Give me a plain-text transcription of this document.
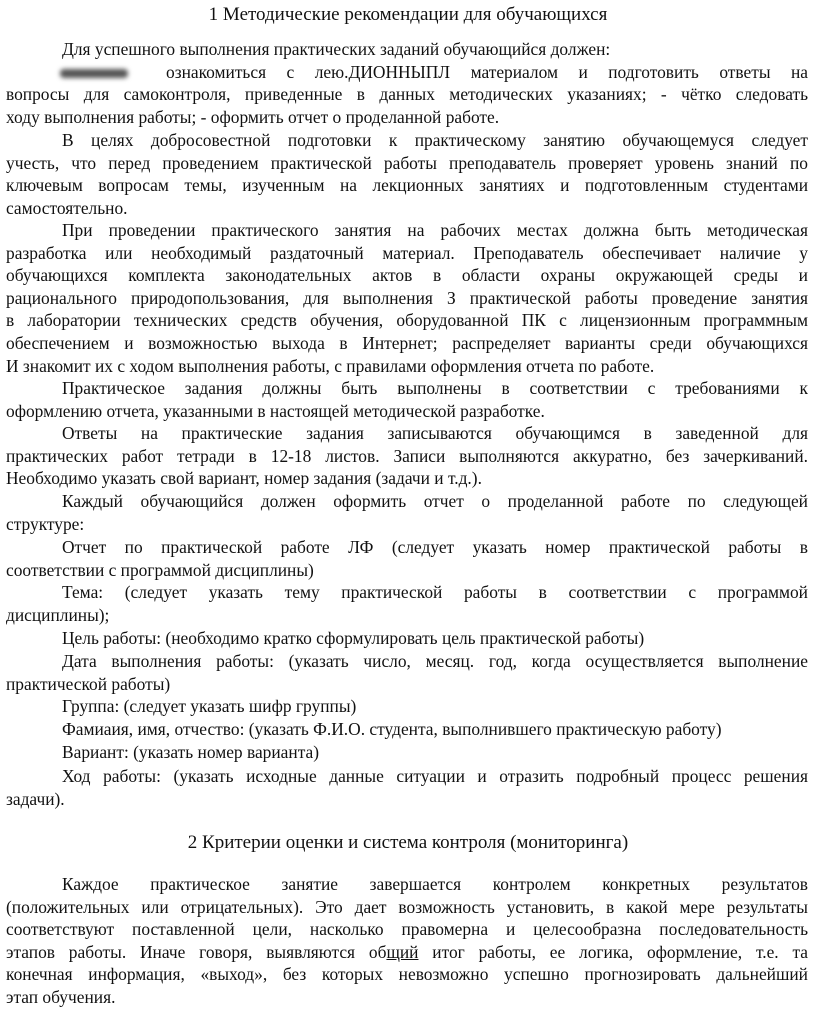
1 Методические рекомендации для обучающихся
Для успешного выполнения практических заданий обучающийся должен:
ознакомиться с лею.ДИОННЫПЛ материалом и подготовить ответы на
вопросы для самоконтроля, приведенные в данных методических указаниях; - чётко следовать
ходу выполнения работы; - оформить отчет о проделанной работе.
В целях добросовестной подготовки к практическому занятию обучающемуся следует
учесть, что перед проведением практической работы преподаватель проверяет уровень знаний по
ключевым вопросам темы, изученным на лекционных занятиях и подготовленным студентами
самостоятельно.
При проведении практического занятия на рабочих местах должна быть методическая
разработка или необходимый раздаточный материал. Преподаватель обеспечивает наличие у
обучающихся комплекта законодательных актов в области охраны окружающей среды и
рационального природопользования, для выполнения З практической работы проведение занятия
в лаборатории технических средств обучения, оборудованной ПК с лицензионным программным
обеспечением и возможностью выхода в Интернет; распределяет варианты среди обучающихся
И знакомит их с ходом выполнения работы, с правилами оформления отчета по работе.
Практическое задания должны быть выполнены в соответствии с требованиями к
оформлению отчета, указанными в настоящей методической разработке.
Ответы на практические задания записываются обучающимся в заведенной для
практических работ тетради в 12-18 листов. Записи выполняются аккуратно, без зачеркиваний.
Необходимо указать свой вариант, номер задания (задачи и т.д.).
Каждый обучающийся должен оформить отчет о проделанной работе по следующей
структуре:
Отчет по практической работе ЛФ (следует указать номер практической работы в
соответствии с программой дисциплины)
Тема: (следует указать тему практической работы в соответствии с программой
дисциплины);
Цель работы: (необходимо кратко сформулировать цель практической работы)
Дата выполнения работы: (указать число, месяц. год, когда осуществляется выполнение
практической работы)
Группа: (следует указать шифр группы)
Фамиаия, имя, отчество: (указать Ф.И.О. студента, выполнившего практическую работу)
Вариант: (указать номер варианта)
Ход работы: (указать исходные данные ситуации и отразить подробный процесс решения
задачи).
2 Критерии оценки и система контроля (мониторинга)
Каждое практическое занятие завершается контролем конкретных результатов
(положительных или отрицательных). Это дает возможность установить, в какой мере результаты
соответствуют поставленной цели, насколько правомерна и целесообразна последовательность
этапов работы. Иначе говоря, выявляются общий итог работы, ее логика, оформление, т.е. та
конечная информация, «выход», без которых невозможно успешно прогнозировать дальнейший
этап обучения.
